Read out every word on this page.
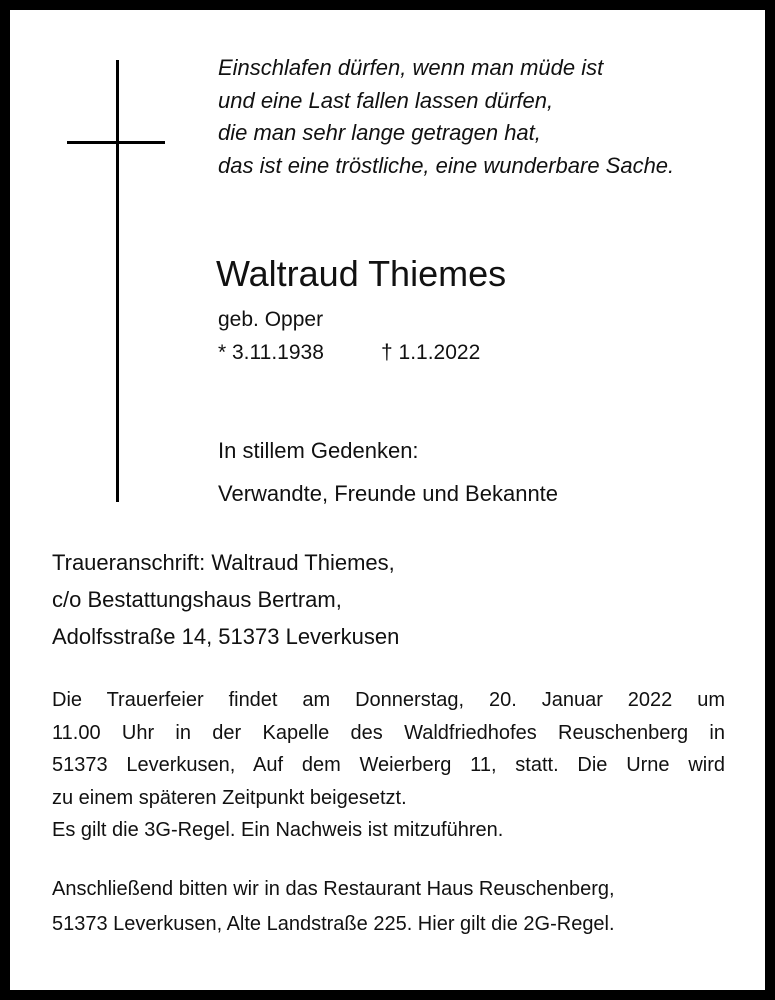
Einschlafen dürfen, wenn man müde ist
und eine Last fallen lassen dürfen,
die man sehr lange getragen hat,
das ist eine tröstliche, eine wunderbare Sache.
Waltraud Thiemes
geb. Opper
* 3.11.1938	† 1.1.2022
In stillem Gedenken:
Verwandte, Freunde und Bekannte
Traueranschrift: Waltraud Thiemes,
c/o Bestattungshaus Bertram,
Adolfsstraße 14, 51373 Leverkusen
Die Trauerfeier findet am Donnerstag, 20. Januar 2022 um
11.00 Uhr in der Kapelle des Waldfriedhofes Reuschenberg in
51373 Leverkusen, Auf dem Weierberg 11, statt. Die Urne wird
zu einem späteren Zeitpunkt beigesetzt.
Es gilt die 3G-Regel. Ein Nachweis ist mitzuführen.
Anschließend bitten wir in das Restaurant Haus Reuschenberg,
51373 Leverkusen, Alte Landstraße 225. Hier gilt die 2G-Regel.
